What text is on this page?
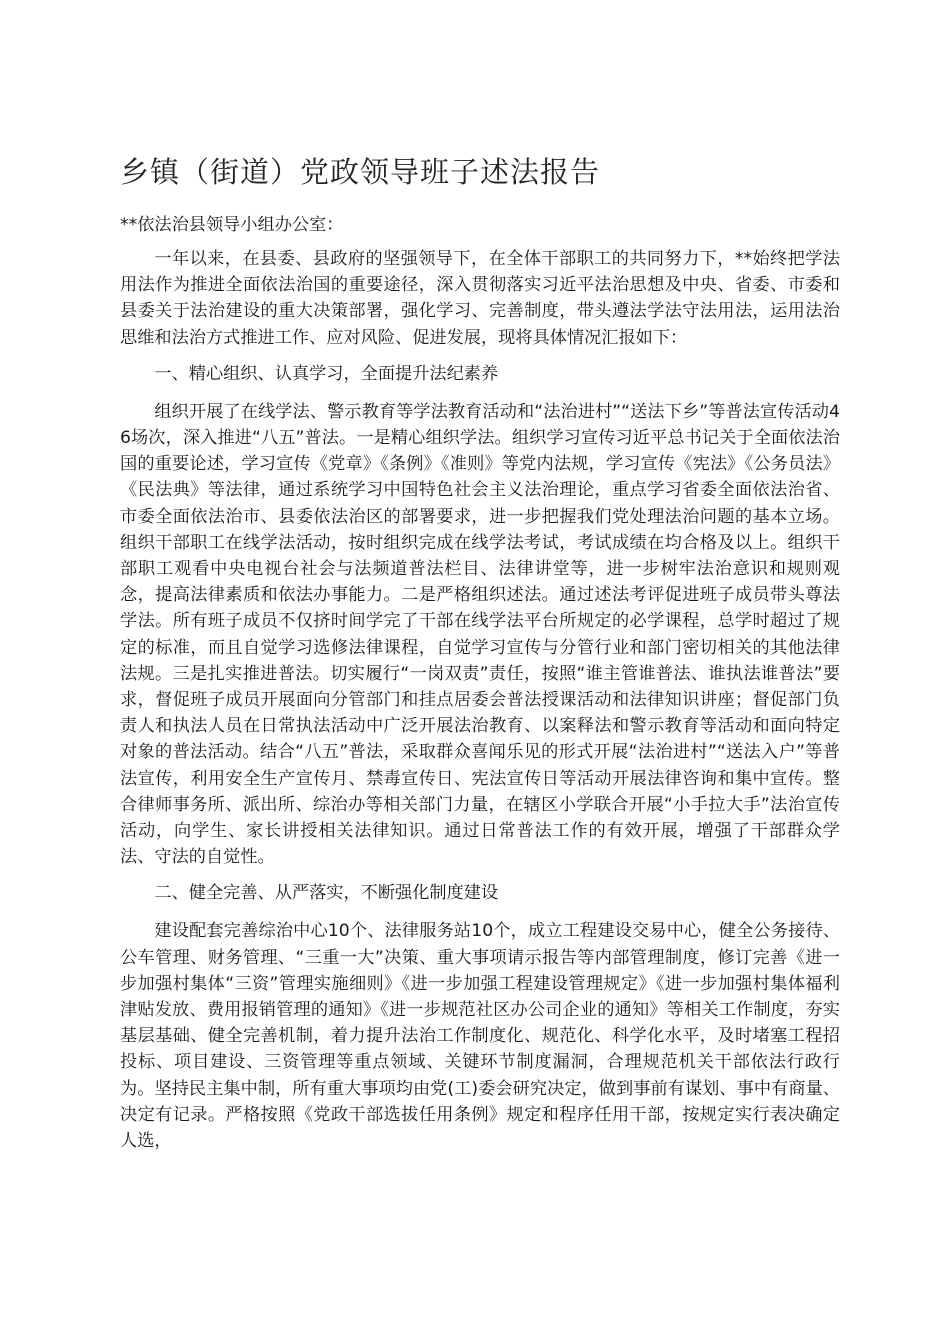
乡镇（街道）党政领导班子述法报告

**依法治县领导小组办公室：

一年以来，在县委、县政府的坚强领导下，在全体干部职工的共同努力下，**始终把学法用法作为推进全面依法治国的重要途径，深入贯彻落实习近平法治思想及中央、省委、市委和县委关于法治建设的重大决策部署，强化学习、完善制度，带头遵法学法守法用法，运用法治思维和法治方式推进工作、应对风险、促进发展，现将具体情况汇报如下：

一、精心组织、认真学习，全面提升法纪素养

组织开展了在线学法、警示教育等学法教育活动和“法治进村”“送法下乡”等普法宣传活动46场次，深入推进“八五”普法。一是精心组织学法。组织学习宣传习近平总书记关于全面依法治国的重要论述，学习宣传《党章》《条例》《准则》等党内法规，学习宣传《宪法》《公务员法》《民法典》等法律，通过系统学习中国特色社会主义法治理论，重点学习省委全面依法治省、市委全面依法治市、县委依法治区的部署要求，进一步把握我们党处理法治问题的基本立场。组织干部职工在线学法活动，按时组织完成在线学法考试，考试成绩在均合格及以上。组织干部职工观看中央电视台社会与法频道普法栏目、法律讲堂等，进一步树牢法治意识和规则观念，提高法律素质和依法办事能力。二是严格组织述法。通过述法考评促进班子成员带头尊法学法。所有班子成员不仅挤时间学完了干部在线学法平台所规定的必学课程，总学时超过了规定的标准，而且自觉学习选修法律课程，自觉学习宣传与分管行业和部门密切相关的其他法律法规。三是扎实推进普法。切实履行“一岗双责”责任，按照“谁主管谁普法、谁执法谁普法”要求，督促班子成员开展面向分管部门和挂点居委会普法授课活动和法律知识讲座；督促部门负责人和执法人员在日常执法活动中广泛开展法治教育、以案释法和警示教育等活动和面向特定对象的普法活动。结合“八五”普法，采取群众喜闻乐见的形式开展“法治进村”“送法入户”等普法宣传，利用安全生产宣传月、禁毒宣传日、宪法宣传日等活动开展法律咨询和集中宣传。整合律师事务所、派出所、综治办等相关部门力量，在辖区小学联合开展“小手拉大手”法治宣传活动，向学生、家长讲授相关法律知识。通过日常普法工作的有效开展，增强了干部群众学法、守法的自觉性。

二、健全完善、从严落实，不断强化制度建设

建设配套完善综治中心10个、法律服务站10个，成立工程建设交易中心，健全公务接待、公车管理、财务管理、“三重一大”决策、重大事项请示报告等内部管理制度，修订完善《进一步加强村集体“三资”管理实施细则》《进一步加强工程建设管理规定》《进一步加强村集体福利津贴发放、费用报销管理的通知》《进一步规范社区办公司企业的通知》等相关工作制度，夯实基层基础、健全完善机制，着力提升法治工作制度化、规范化、科学化水平，及时堵塞工程招投标、项目建设、三资管理等重点领域、关键环节制度漏洞，合理规范机关干部依法行政行为。坚持民主集中制，所有重大事项均由党(工)委会研究决定，做到事前有谋划、事中有商量、决定有记录。严格按照《党政干部选拔任用条例》规定和程序任用干部，按规定实行表决确定人选，
